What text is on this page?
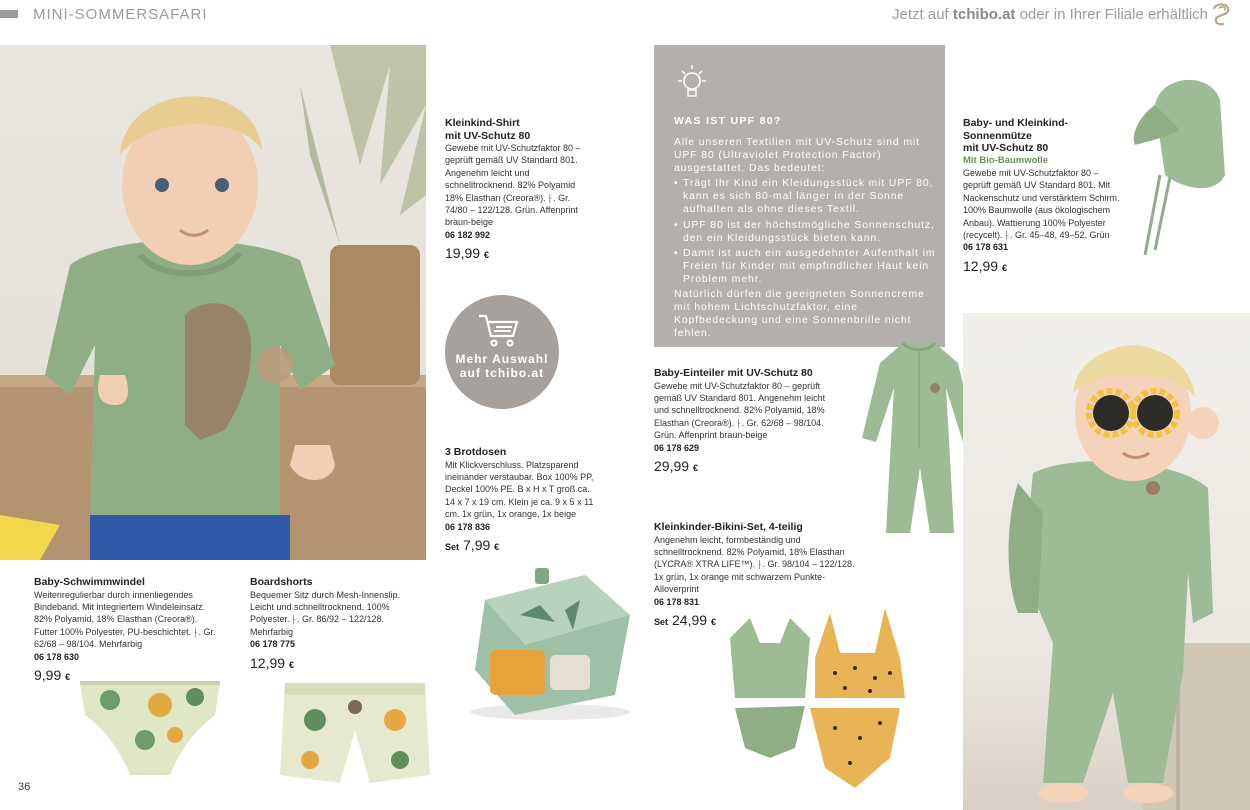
MINI-SOMMERSAFARI	Jetzt auf tchibo.at oder in Ihrer Filiale erhältlich
Kleinkind-Shirt
mit UV-Schutz 80
Gewebe mit UV-Schutzfaktor 80 – geprüft gemäß UV Standard 801. Angenehm leicht und schnelltrocknend. 82% Polyamid 18% Elasthan (Creora®). ⸠. Gr. 74/80 – 122/128. Grün. Affenprint braun-beige
06 182 992
19,99 €
Mehr Auswahl
auf tchibo.at
3 Brotdosen
Mit Klickverschluss. Platzsparend ineinander verstaubar. Box 100% PP, Deckel 100% PE. B x H x T groß ca. 14 x 7 x 19 cm. Klein je ca. 9 x 5 x 11 cm. 1x grün, 1x orange, 1x beige
06 178 836
Set 7,99 €
Baby-Schwimmwindel
Weitenregulierbar durch innenliegendes Bindeband. Mit integriertem Windeleinsatz. 82% Polyamid, 18% Elasthan (Creora®). Futter 100% Polyester, PU-beschichtet. ⸠. Gr. 62/68 – 98/104. Mehrfarbig
06 178 630
9,99 €
Boardshorts
Bequemer Sitz durch Mesh-Innenslip. Leicht und schnelltrocknend. 100% Polyester. ⸠. Gr. 86/92 – 122/128. Mehrfarbig
06 178 775
12,99 €
WAS IST UPF 80?

Alle unseren Textilien mit UV-Schutz sind mit UPF 80 (Ultraviolet Protection Factor) ausgestattet. Das bedeutet:

• Trägt Ihr Kind ein Kleidungsstück mit UPF 80, kann es sich 80-mal länger in der Sonne aufhalten als ohne dieses Textil.
• UPF 80 ist der höchstmögliche Sonnenschutz, den ein Kleidungsstück bieten kann.
• Damit ist auch ein ausgedehnter Aufenthalt im Freien für Kinder mit empfindlicher Haut kein Problem mehr.

Natürlich dürfen die geeigneten Sonnencreme mit hohem Lichtschutzfaktor, eine Kopfbedeckung und eine Sonnenbrille nicht fehlen.

Baby-Einteiler mit UV-Schutz 80
Gewebe mit UV-Schutzfaktor 80 – geprüft gemäß UV Standard 801. Angenehm leicht und schnelltrocknend. 82% Polyamid, 18% Elasthan (Creora®). ⸠. Gr. 62/68 – 98/104. Grün. Affenprint braun-beige
06 178 629
29,99 €
Kleinkinder-Bikini-Set, 4-teilig
Angenehm leicht, formbeständig und schnelltrocknend. 82% Polyamid, 18% Elasthan (LYCRA® XTRA LIFE™). ⸠. Gr. 98/104 – 122/128. 1x grün, 1x orange mit schwarzem Punkte-Alloverprint
06 178 831
Set 24,99 €
Baby- und Kleinkind-
Sonnenmütze
mit UV-Schutz 80
Mit Bio-Baumwolle
Gewebe mit UV-Schutzfaktor 80 – geprüft gemäß UV Standard 801. Mit Nackenschutz und verstärktem Schirm. 100% Baumwolle (aus ökologischem Anbau). Wattierung 100% Polyester (recycelt). ⸠. Gr. 45–48, 49–52. Grün
06 178 631
12,99 €
36
